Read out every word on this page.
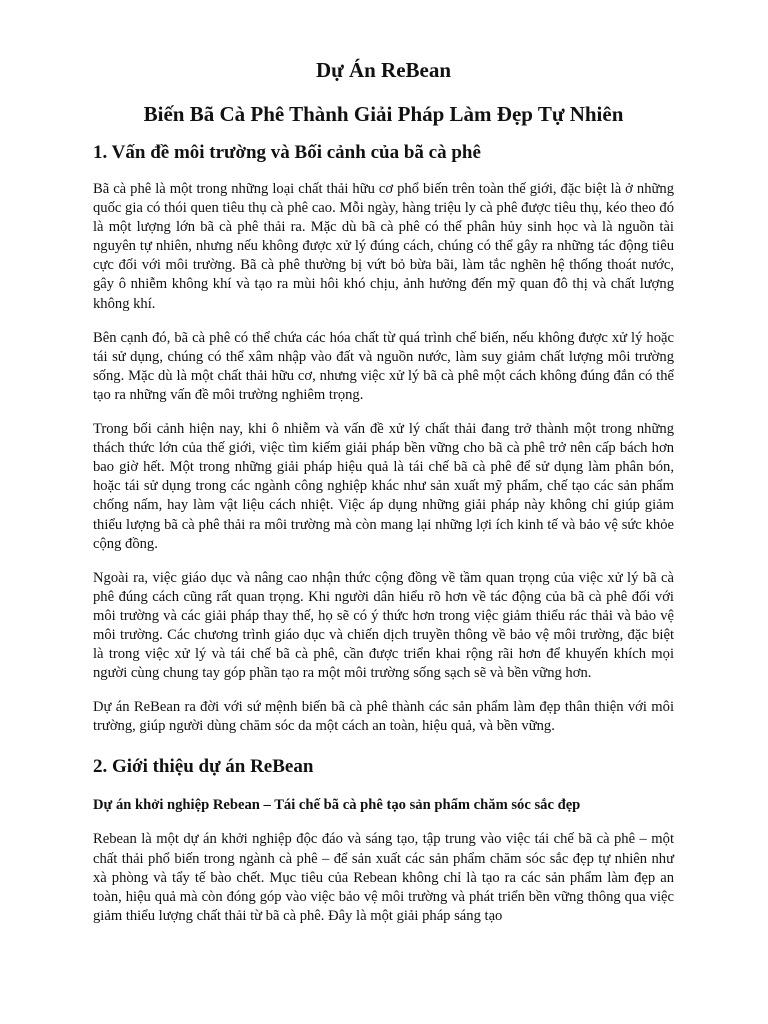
Dự Án ReBean
Biến Bã Cà Phê Thành Giải Pháp Làm Đẹp Tự Nhiên
1. Vấn đề môi trường và Bối cảnh của bã cà phê

Bã cà phê là một trong những loại chất thải hữu cơ phổ biến trên toàn thế giới, đặc biệt là ở những quốc gia có thói quen tiêu thụ cà phê cao. Mỗi ngày, hàng triệu ly cà phê được tiêu thụ, kéo theo đó là một lượng lớn bã cà phê thải ra. Mặc dù bã cà phê có thể phân hủy sinh học và là nguồn tài nguyên tự nhiên, nhưng nếu không được xử lý đúng cách, chúng có thể gây ra những tác động tiêu cực đối với môi trường. Bã cà phê thường bị vứt bỏ bừa bãi, làm tắc nghẽn hệ thống thoát nước, gây ô nhiễm không khí và tạo ra mùi hôi khó chịu, ảnh hưởng đến mỹ quan đô thị và chất lượng không khí.

Bên cạnh đó, bã cà phê có thể chứa các hóa chất từ quá trình chế biến, nếu không được xử lý hoặc tái sử dụng, chúng có thể xâm nhập vào đất và nguồn nước, làm suy giảm chất lượng môi trường sống. Mặc dù là một chất thải hữu cơ, nhưng việc xử lý bã cà phê một cách không đúng đắn có thể tạo ra những vấn đề môi trường nghiêm trọng.

Trong bối cảnh hiện nay, khi ô nhiễm và vấn đề xử lý chất thải đang trở thành một trong những thách thức lớn của thế giới, việc tìm kiếm giải pháp bền vững cho bã cà phê trở nên cấp bách hơn bao giờ hết. Một trong những giải pháp hiệu quả là tái chế bã cà phê để sử dụng làm phân bón, hoặc tái sử dụng trong các ngành công nghiệp khác như sản xuất mỹ phẩm, chế tạo các sản phẩm chống nấm, hay làm vật liệu cách nhiệt. Việc áp dụng những giải pháp này không chỉ giúp giảm thiểu lượng bã cà phê thải ra môi trường mà còn mang lại những lợi ích kinh tế và bảo vệ sức khỏe cộng đồng.

Ngoài ra, việc giáo dục và nâng cao nhận thức cộng đồng về tầm quan trọng của việc xử lý bã cà phê đúng cách cũng rất quan trọng. Khi người dân hiểu rõ hơn về tác động của bã cà phê đối với môi trường và các giải pháp thay thế, họ sẽ có ý thức hơn trong việc giảm thiểu rác thải và bảo vệ môi trường. Các chương trình giáo dục và chiến dịch truyền thông về bảo vệ môi trường, đặc biệt là trong việc xử lý và tái chế bã cà phê, cần được triển khai rộng rãi hơn để khuyến khích mọi người cùng chung tay góp phần tạo ra một môi trường sống sạch sẽ và bền vững hơn.

Dự án ReBean ra đời với sứ mệnh biến bã cà phê thành các sản phẩm làm đẹp thân thiện với môi trường, giúp người dùng chăm sóc da một cách an toàn, hiệu quả, và bền vững.

2. Giới thiệu dự án ReBean
Dự án khởi nghiệp Rebean – Tái chế bã cà phê tạo sản phẩm chăm sóc sắc đẹp

Rebean là một dự án khởi nghiệp độc đáo và sáng tạo, tập trung vào việc tái chế bã cà phê – một chất thải phổ biến trong ngành cà phê – để sản xuất các sản phẩm chăm sóc sắc đẹp tự nhiên như xà phòng và tẩy tế bào chết. Mục tiêu của Rebean không chỉ là tạo ra các sản phẩm làm đẹp an toàn, hiệu quả mà còn đóng góp vào việc bảo vệ môi trường và phát triển bền vững thông qua việc giảm thiểu lượng chất thải từ bã cà phê. Đây là một giải pháp sáng tạo
